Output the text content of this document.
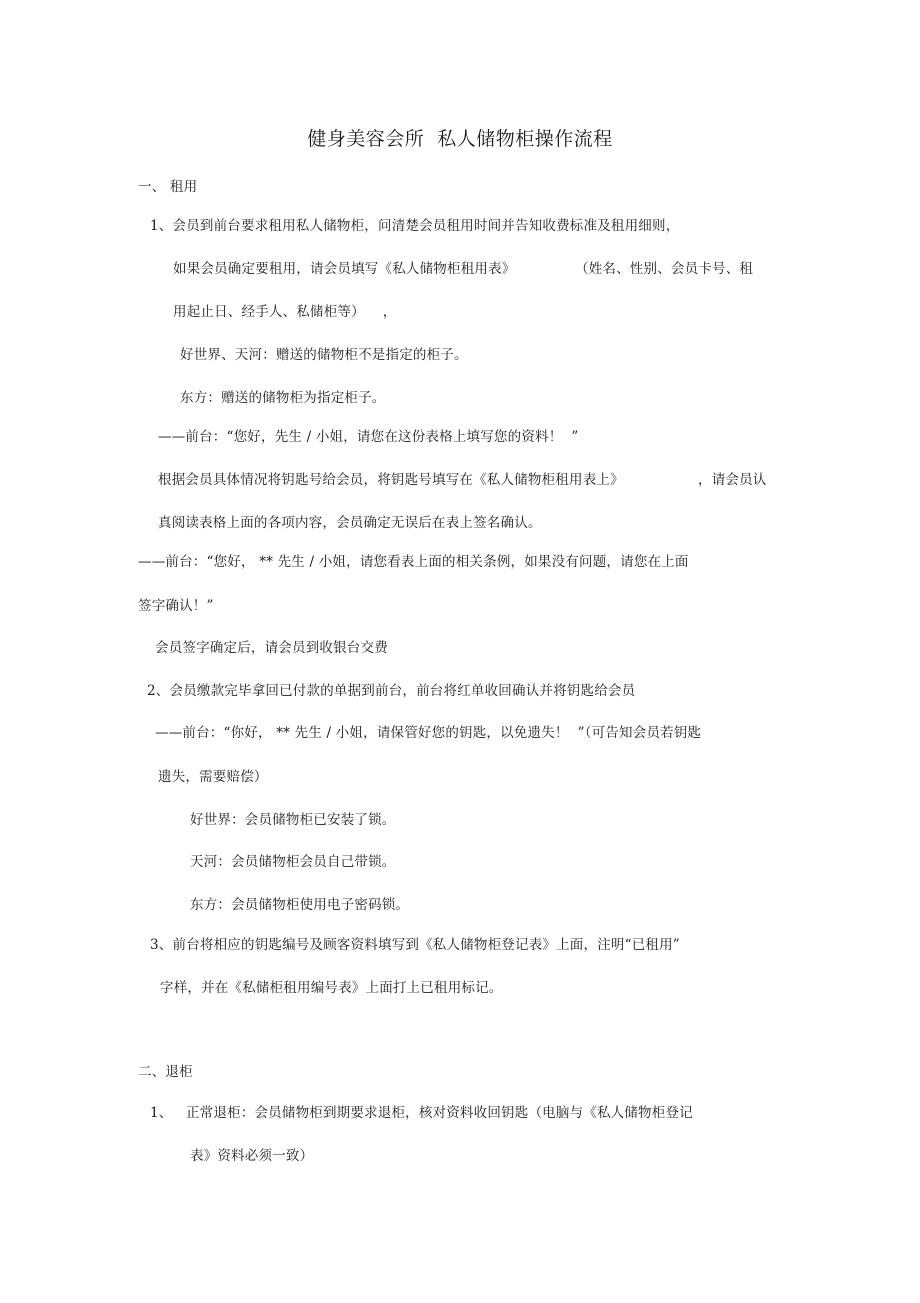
健身美容会所  私人储物柜操作流程
一、 租用
1、会员到前台要求租用私人储物柜，问清楚会员租用时间并告知收费标准及租用细则，
如果会员确定要租用，请会员填写《私人储物柜租用表》	（姓名、性别、会员卡号、租
用起止日、经手人、私储柜等）    ，
好世界、天河：赠送的储物柜不是指定的柜子。
东方：赠送的储物柜为指定柜子。
——前台：“您好，先生 / 小姐，请您在这份表格上填写您的资料！  ”
根据会员具体情况将钥匙号给会员，将钥匙号填写在《私人储物柜租用表上》	，请会员认
真阅读表格上面的各项内容，会员确定无误后在表上签名确认。
——前台：“您好， ** 先生 / 小姐，请您看表上面的相关条例，如果没有问题，请您在上面
签字确认！”
会员签字确定后，请会员到收银台交费
2、会员缴款完毕拿回已付款的单据到前台，前台将红单收回确认并将钥匙给会员
——前台：“你好， ** 先生 / 小姐，请保管好您的钥匙，以免遗失！  ”（可告知会员若钥匙
遗失，需要赔偿）
好世界：会员储物柜已安装了锁。
天河：会员储物柜会员自己带锁。
东方：会员储物柜使用电子密码锁。
3、前台将相应的钥匙编号及顾客资料填写到《私人储物柜登记表》上面，注明“已租用”
字样，并在《私储柜租用编号表》上面打上已租用标记。
二、退柜
1、   正常退柜：会员储物柜到期要求退柜，核对资料收回钥匙（电脑与《私人储物柜登记
表》资料必须一致）
